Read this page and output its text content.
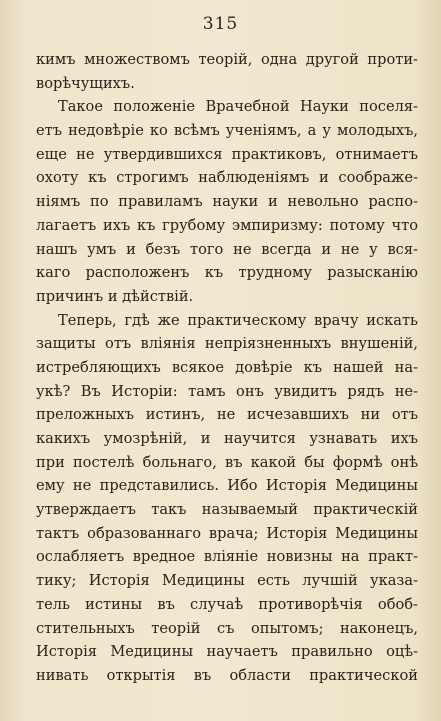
315
кимъ множествомъ теорій, одна другой проти-
ворѣчущихъ.
Такое положеніе Врачебной Науки поселя-
етъ недовѣріе ко всѣмъ ученіямъ, а у молодыхъ,
еще не утвердившихся практиковъ, отнимаетъ
охоту къ строгимъ наблюденіямъ и соображе-
ніямъ по правиламъ науки и невольно распо-
лагаетъ ихъ къ грубому эмпиризму: потому что
нашъ умъ и безъ того не всегда и не у вся-
каго расположенъ къ трудному разысканію
причинъ и дѣйствій.
Теперь, гдѣ же практическому врачу искать
защиты отъ вліянія непріязненныхъ внушеній,
истребляющихъ всякое довѣріе къ нашей на-
укѣ? Въ Исторіи: тамъ онъ увидитъ рядъ не-
преложныхъ истинъ, не исчезавшихъ ни отъ
какихъ умозрѣній, и научится узнавать ихъ
при постелѣ больнаго, въ какой бы формѣ онѣ
ему не представились. Ибо Исторія Медицины
утверждаетъ такъ называемый практическій
тактъ образованнаго врача; Исторія Медицины
ослабляетъ вредное вліяніе новизны на практ-
тику; Исторія Медицины есть лучшій указа-
тель истины въ случаѣ противорѣчія обоб-
стительныхъ теорій съ опытомъ; наконецъ,
Исторія Медицины научаетъ правильно оцѣ-
нивать открытія въ области практической
